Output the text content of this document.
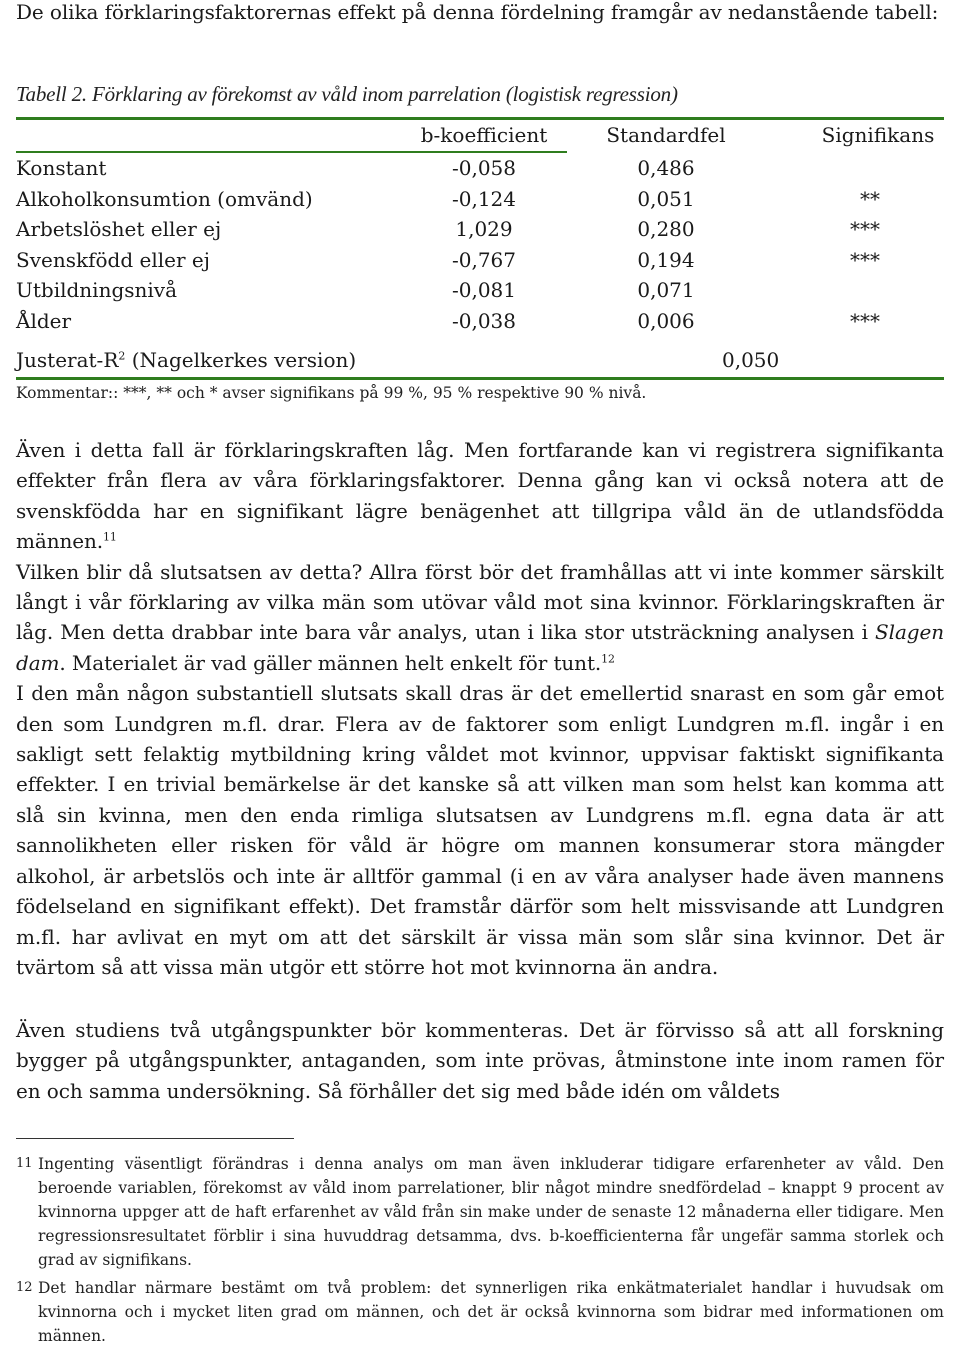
De olika förklaringsfaktorernas effekt på denna fördelning framgår av nedanstående tabell:

Tabell 2. Förklaring av förekomst av våld inom parrelation (logistisk regression)
b-koefficient	Standardfel	Signifikans
Konstant	-0,058	0,486
Alkoholkonsumtion (omvänd)	-0,124	0,051	**
Arbetslöshet eller ej	1,029	0,280	***
Svenskfödd eller ej	-0,767	0,194	***
Utbildningsnivå	-0,081	0,071
Ålder	-0,038	0,006	***
Justerat-$R^2$ (Nagelkerkes version)	0,050
Kommentar:: ***, ** och * avser signifikans på 99 %, 95 % respektive 90 % nivå.

Även i detta fall är förklaringskraften låg. Men fortfarande kan vi registrera signifikanta effekter från flera av våra förklaringsfaktorer. Denna gång kan vi också notera att de svenskfödda har en signifikant lägre benägenhet att tillgripa våld än de utlandsfödda männen.$^{11}$

Vilken blir då slutsatsen av detta? Allra först bör det framhållas att vi inte kommer särskilt långt i vår förklaring av vilka män som utövar våld mot sina kvinnor. Förklaringskraften är låg. Men detta drabbar inte bara vår analys, utan i lika stor utsträckning analysen i Slagen dam. Materialet är vad gäller männen helt enkelt för tunt.$^{12}$

I den mån någon substantiell slutsats skall dras är det emellertid snarast en som går emot den som Lundgren m.fl. drar. Flera av de faktorer som enligt Lundgren m.fl. ingår i en sakligt sett felaktig mytbildning kring våldet mot kvinnor, uppvisar faktiskt signifikanta effekter. I en trivial bemärkelse är det kanske så att vilken man som helst kan komma att slå sin kvinna, men den enda rimliga slutsatsen av Lundgrens m.fl. egna data är att sannolikheten eller risken för våld är högre om mannen konsumerar stora mängder alkohol, är arbetslös och inte är alltför gammal (i en av våra analyser hade även mannens födelseland en signifikant effekt). Det framstår därför som helt missvisande att Lundgren m.fl. har avlivat en myt om att det särskilt är vissa män som slår sina kvinnor. Det är tvärtom så att vissa män utgör ett större hot mot kvinnorna än andra.

Även studiens två utgångspunkter bör kommenteras. Det är förvisso så att all forskning bygger på utgångspunkter, antaganden, som inte prövas, åtminstone inte inom ramen för en och samma undersökning. Så förhåller det sig med både idén om våldets

11 Ingenting väsentligt förändras i denna analys om man även inkluderar tidigare erfarenheter av våld. Den beroende variablen, förekomst av våld inom parrelationer, blir något mindre snedfördelad – knappt 9 procent av kvinnorna uppger att de haft erfarenhet av våld från sin make under de senaste 12 månaderna eller tidigare. Men regressionsresultatet förblir i sina huvuddrag detsamma, dvs. b-koefficienterna får ungefär samma storlek och grad av signifikans.
12 Det handlar närmare bestämt om två problem: det synnerligen rika enkätmaterialet handlar i huvudsak om kvinnorna och i mycket liten grad om männen, och det är också kvinnorna som bidrar med informationen om männen.
